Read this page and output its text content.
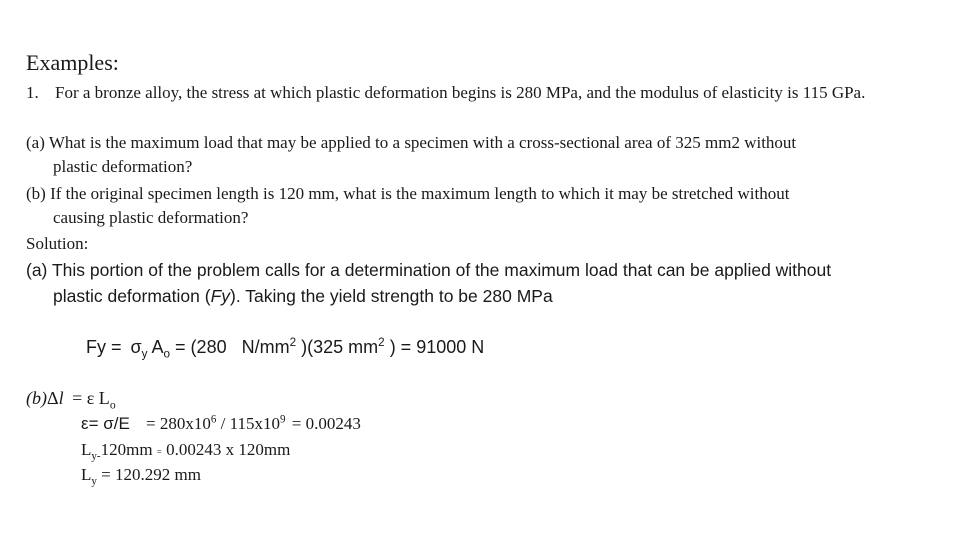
Examples:
1. For a bronze alloy, the stress at which plastic deformation begins is 280 MPa, and the modulus of elasticity is 115 GPa.
(a) What is the maximum load that may be applied to a specimen with a cross-sectional area of 325 mm2 without
plastic deformation?
(b) If the original specimen length is 120 mm, what is the maximum length to which it may be stretched without
causing plastic deformation?
Solution:
(a) This portion of the problem calls for a determination of the maximum load that can be applied without
plastic deformation (Fy). Taking the yield strength to be 280 MPa
$Fy = \sigma_y$ $A_o = (280$ $N/mm^2$ )(325 $mm^2$ ) = 91000 N
(b)Δl = ε $L_o$
$\varepsilon= \sigma/E = 280x10^6 / 115x10^9 = 0.00243$
$L_{y-}120mm = 0.00243$ x 120mm
$L_y = 120.292$ mm
